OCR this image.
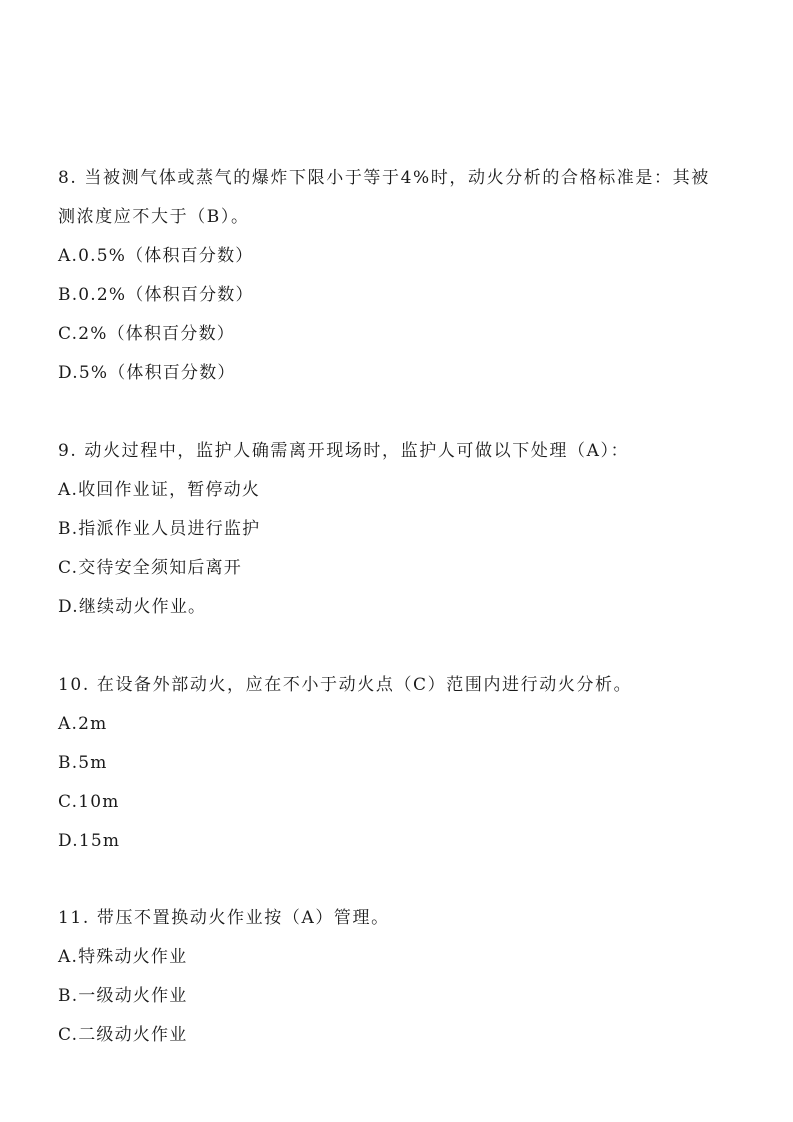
8. 当被测气体或蒸气的爆炸下限小于等于4%时，动火分析的合格标准是：其被
测浓度应不大于（B）。
A.0.5%（体积百分数）
B.0.2%（体积百分数）
C.2%（体积百分数）
D.5%（体积百分数）
9. 动火过程中，监护人确需离开现场时，监护人可做以下处理（A）：
A.收回作业证，暂停动火
B.指派作业人员进行监护
C.交待安全须知后离开
D.继续动火作业。
10. 在设备外部动火，应在不小于动火点（C）范围内进行动火分析。
A.2m
B.5m
C.10m
D.15m
11. 带压不置换动火作业按（A）管理。
A.特殊动火作业
B.一级动火作业
C.二级动火作业
